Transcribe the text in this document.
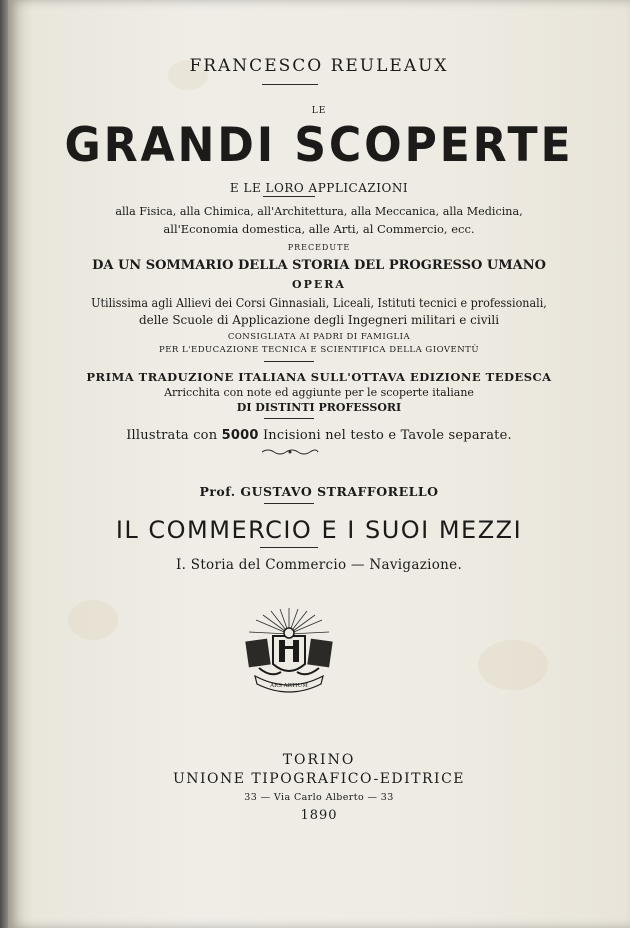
FRANCESCO REULEAUX
LE
GRANDI SCOPERTE
E LE LORO APPLICAZIONI
alla Fisica, alla Chimica, all'Architettura, alla Meccanica, alla Medicina,
all'Economia domestica, alle Arti, al Commercio, ecc.
PRECEDUTE
DA UN SOMMARIO DELLA STORIA DEL PROGRESSO UMANO
OPERA
Utilissima agli Allievi dei Corsi Ginnasiali, Liceali, Istituti tecnici e professionali,
delle Scuole di Applicazione degli Ingegneri militari e civili
CONSIGLIATA AI PADRI DI FAMIGLIA
PER L'EDUCAZIONE TECNICA E SCIENTIFICA DELLA GIOVENTÙ
PRIMA TRADUZIONE ITALIANA SULL'OTTAVA EDIZIONE TEDESCA
Arricchita con note ed aggiunte per le scoperte italiane
DI DISTINTI PROFESSORI
Illustrata con 5000 Incisioni nel testo e Tavole separate.
Prof. GUSTAVO STRAFFORELLO
IL COMMERCIO E I SUOI MEZZI
I. Storia del Commercio — Navigazione.
ARS ARTIUM
TORINO
UNIONE TIPOGRAFICO-EDITRICE
33 — Via Carlo Alberto — 33
1890
